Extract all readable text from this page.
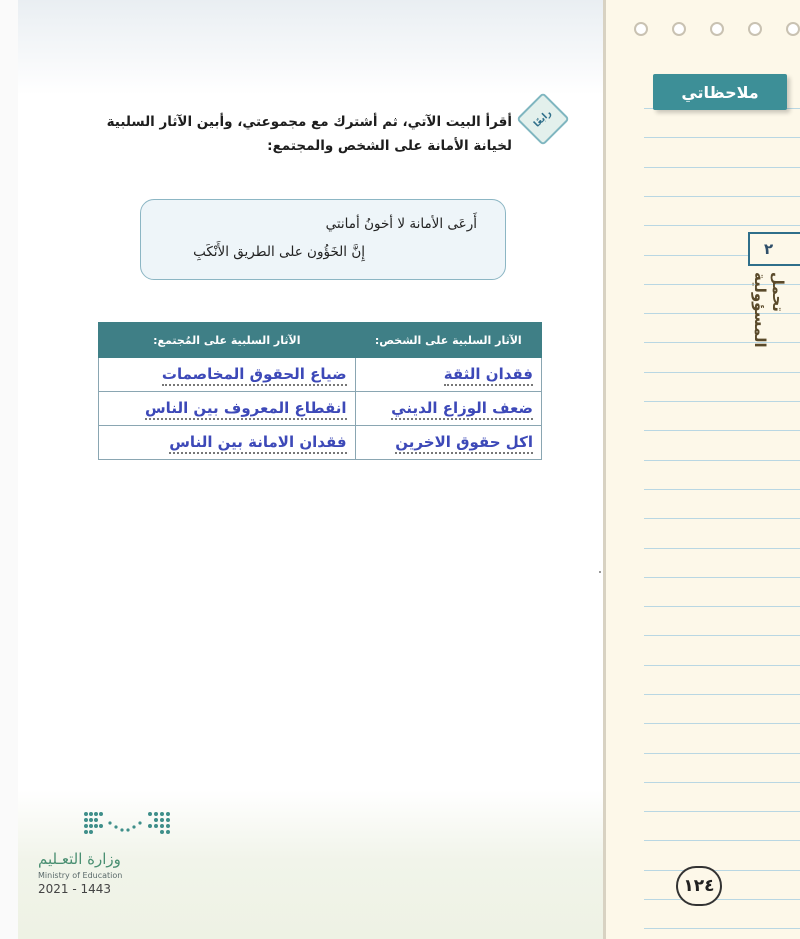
رابعًا
أقرأ البيت الآتي، ثم أشترك مع مجموعتي، وأبين الآثار السلبية لخيانة الأمانة على الشخص والمجتمع:
أَرعَى الأمانة لا أخونُ أمانتي
إِنَّ الخَؤُون على الطريق الأَنْكَبِ
الآثار السلبية على الشخص:	الآثار السلبية على المُجتمع:
فقدان الثقة	ضياع الحقوق المخاصمات
ضعف الوزاع الديني	انقطاع المعروف بين الناس
اكل حقوق الاخرين	فقدان الامانة بين الناس
وزارة التعـليم
Ministry of Education
2021 - 1443
ملاحظاتي
٢
تحمل المسؤولية
١٢٤
